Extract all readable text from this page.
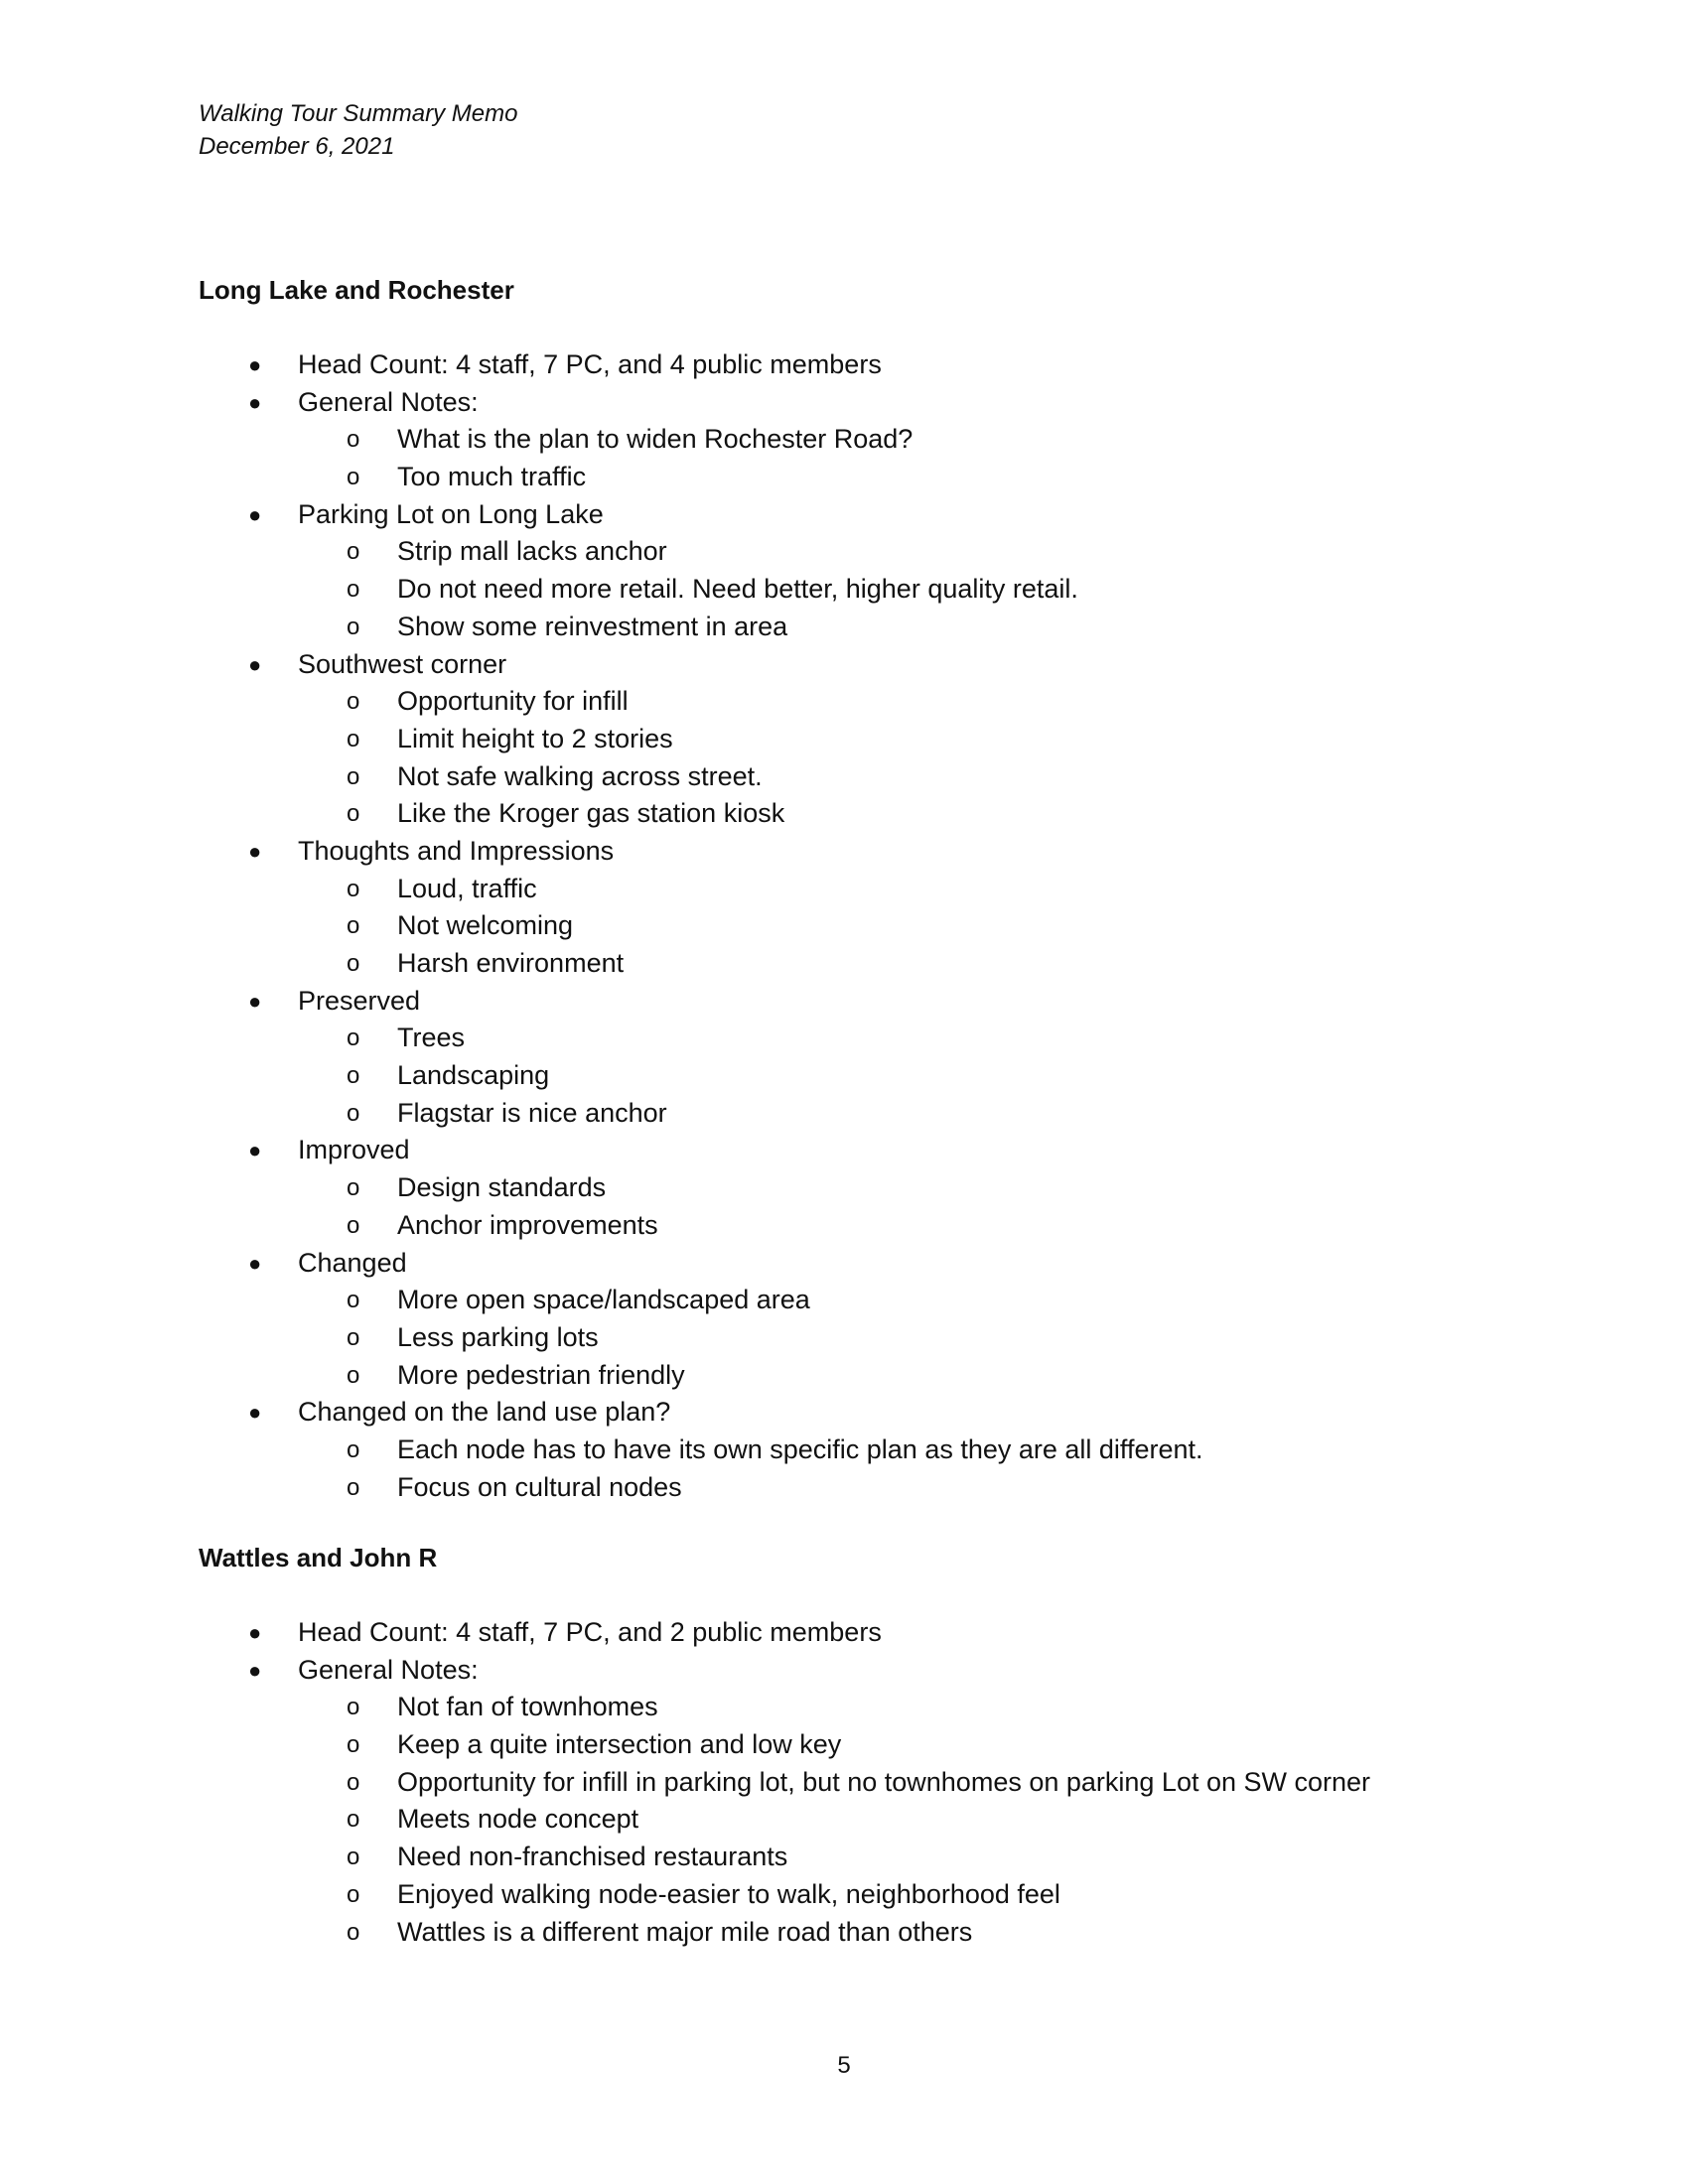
Walking Tour Summary Memo
December 6, 2021
Long Lake and Rochester
● Head Count: 4 staff, 7 PC, and 4 public members
● General Notes:
o What is the plan to widen Rochester Road?
o Too much traffic
● Parking Lot on Long Lake
o Strip mall lacks anchor
o Do not need more retail. Need better, higher quality retail.
o Show some reinvestment in area
● Southwest corner
o Opportunity for infill
o Limit height to 2 stories
o Not safe walking across street.
o Like the Kroger gas station kiosk
● Thoughts and Impressions
o Loud, traffic
o Not welcoming
o Harsh environment
● Preserved
o Trees
o Landscaping
o Flagstar is nice anchor
● Improved
o Design standards
o Anchor improvements
● Changed
o More open space/landscaped area
o Less parking lots
o More pedestrian friendly
● Changed on the land use plan?
o Each node has to have its own specific plan as they are all different.
o Focus on cultural nodes
Wattles and John R
● Head Count: 4 staff, 7 PC, and 2 public members
● General Notes:
o Not fan of townhomes
o Keep a quite intersection and low key
o Opportunity for infill in parking lot, but no townhomes on parking Lot on SW corner
o Meets node concept
o Need non-franchised restaurants
o Enjoyed walking node-easier to walk, neighborhood feel
o Wattles is a different major mile road than others
5
